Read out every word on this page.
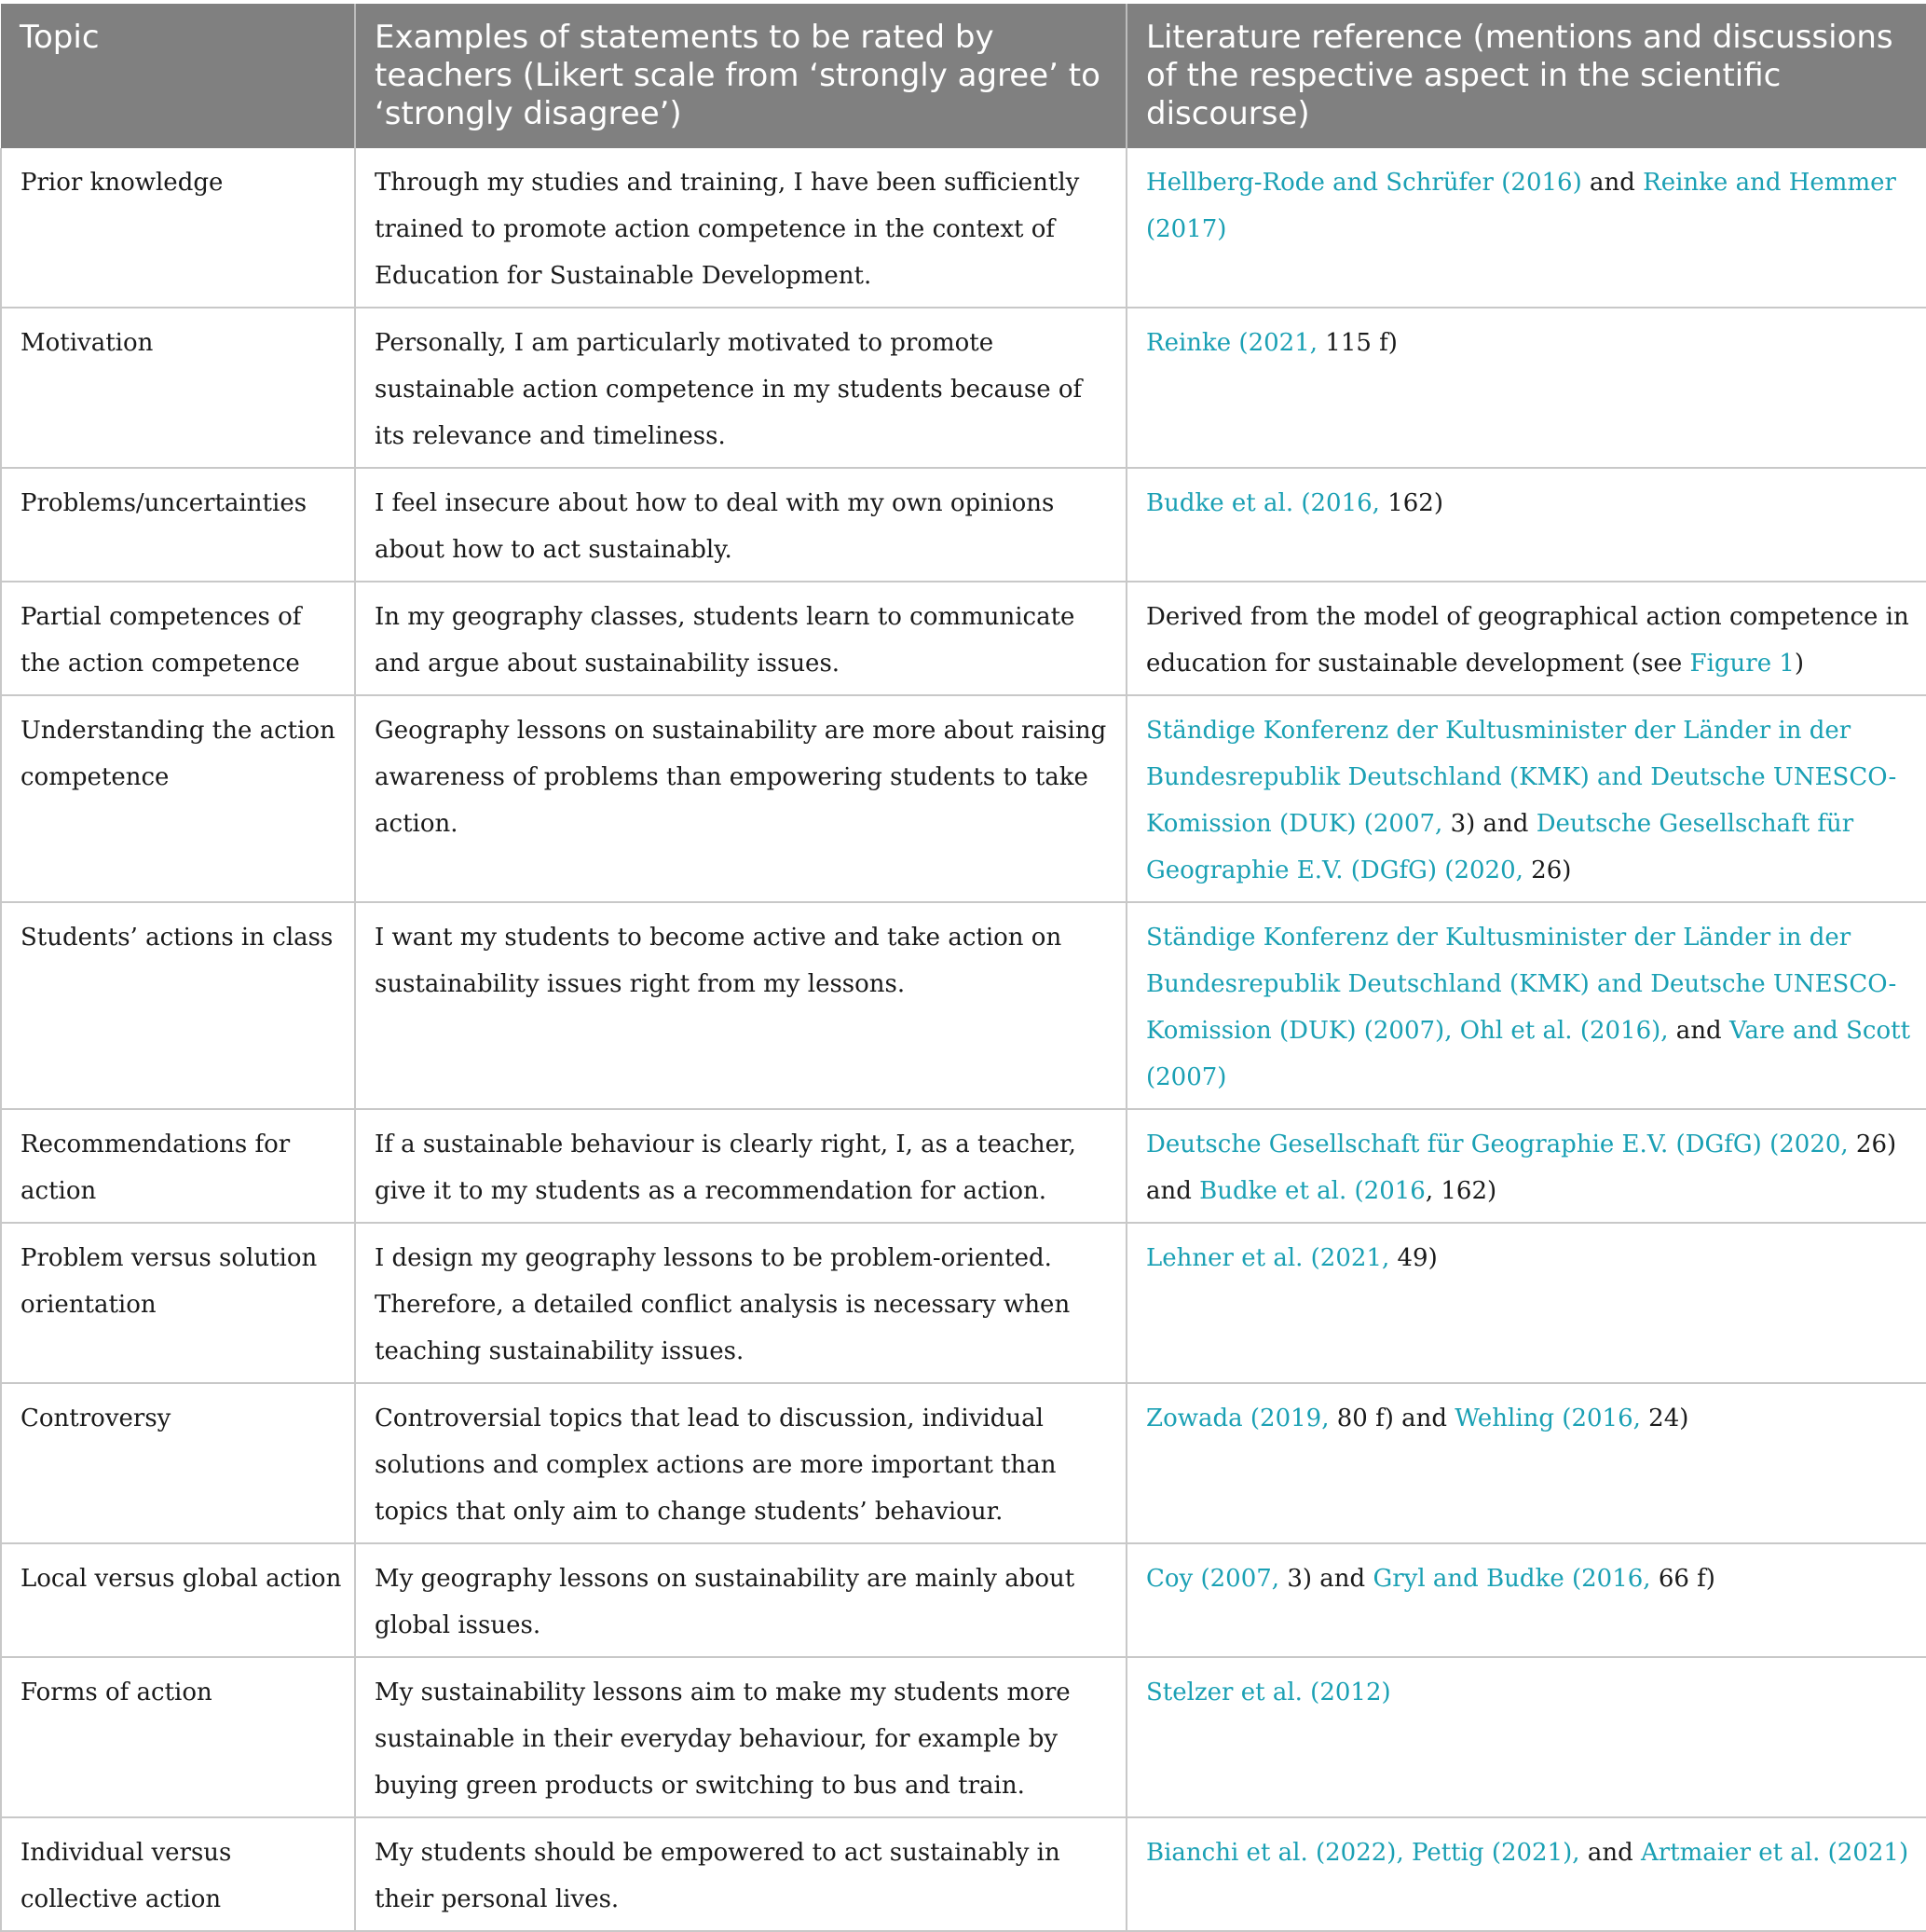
Topic	Examples of statements to be rated by teachers (Likert scale from ‘strongly agree’ to ‘strongly disagree’)	Literature reference (mentions and discussions of the respective aspect in the scientific discourse)
Prior knowledge	Through my studies and training, I have been sufficiently trained to promote action competence in the context of Education for Sustainable Development.	Hellberg-Rode and Schrüfer (2016) and Reinke and Hemmer (2017)
Motivation	Personally, I am particularly motivated to promote sustainable action competence in my students because of its relevance and timeliness.	Reinke (2021, 115 f)
Problems/uncertainties	I feel insecure about how to deal with my own opinions about how to act sustainably.	Budke et al. (2016, 162)
Partial competences of the action competence	In my geography classes, students learn to communicate and argue about sustainability issues.	Derived from the model of geographical action competence in education for sustainable development (see Figure 1)
Understanding the action competence	Geography lessons on sustainability are more about raising awareness of problems than empowering students to take action.	Ständige Konferenz der Kultusminister der Länder in der Bundesrepublik Deutschland (KMK) and Deutsche UNESCO-Komission (DUK) (2007, 3) and Deutsche Gesellschaft für Geographie E.V. (DGfG) (2020, 26)
Students’ actions in class	I want my students to become active and take action on sustainability issues right from my lessons.	Ständige Konferenz der Kultusminister der Länder in der Bundesrepublik Deutschland (KMK) and Deutsche UNESCO-Komission (DUK) (2007), Ohl et al. (2016), and Vare and Scott (2007)
Recommendations for action	If a sustainable behaviour is clearly right, I, as a teacher, give it to my students as a recommendation for action.	Deutsche Gesellschaft für Geographie E.V. (DGfG) (2020, 26) and Budke et al. (2016, 162)
Problem versus solution orientation	I design my geography lessons to be problem-oriented. Therefore, a detailed conflict analysis is necessary when teaching sustainability issues.	Lehner et al. (2021, 49)
Controversy	Controversial topics that lead to discussion, individual solutions and complex actions are more important than topics that only aim to change students’ behaviour.	Zowada (2019, 80 f) and Wehling (2016, 24)
Local versus global action	My geography lessons on sustainability are mainly about global issues.	Coy (2007, 3) and Gryl and Budke (2016, 66 f)
Forms of action	My sustainability lessons aim to make my students more sustainable in their everyday behaviour, for example by buying green products or switching to bus and train.	Stelzer et al. (2012)
Individual versus collective action	My students should be empowered to act sustainably in their personal lives.	Bianchi et al. (2022), Pettig (2021), and Artmaier et al. (2021)
